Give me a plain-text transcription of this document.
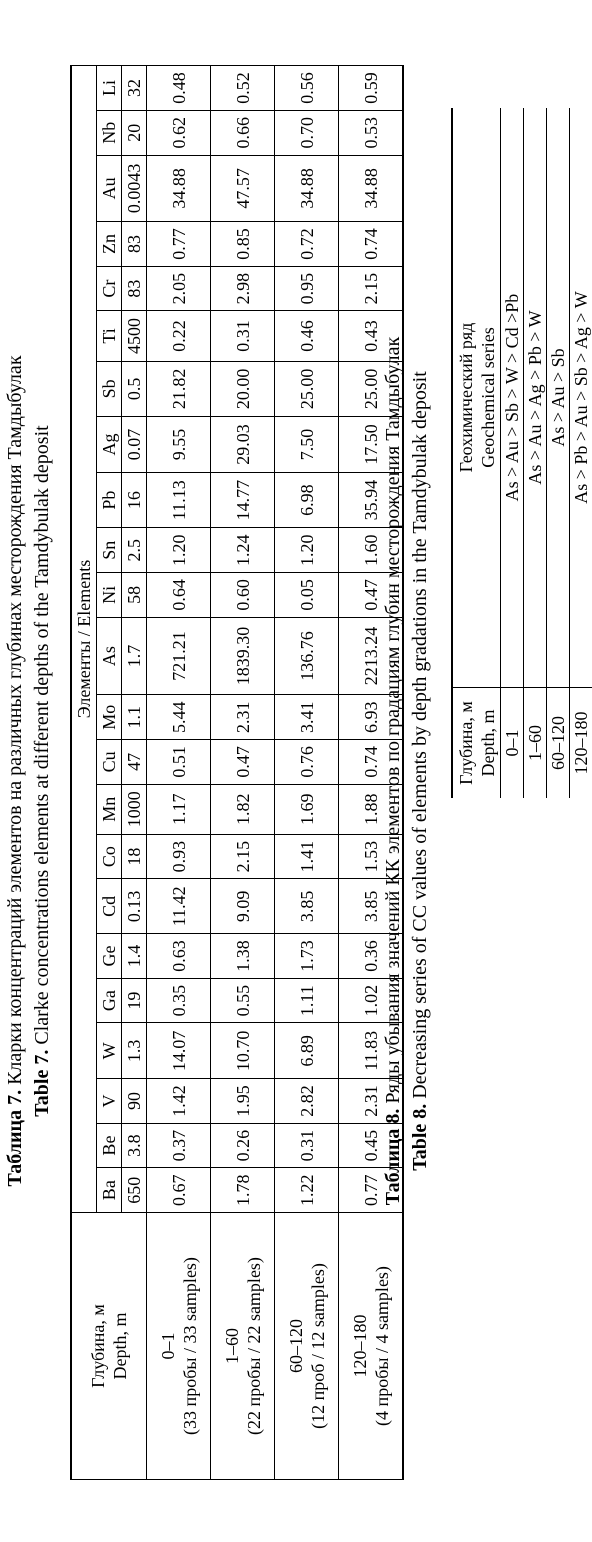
Таблица 7. Кларки концентраций элементов на различных глубинах месторождения Тамдыбулак Table 7. Clarke concentrations elements at different depths of the Tamdybulak deposit
Глубина, м Depth, m	Элементы / Elements																						
	Ba	Be	V	W	Ga	Ge	Cd	Co	Mn	Cu	Mo	As	Ni	Sn	Pb	Ag	Sb	Ti	Cr	Zn	Au	Nb	Li
	650	3.8	90	1.3	19	1.4	0.13	18	1000	47	1.1	1.7	58	2.5	16	0.07	0.5	4500	83	83	0.0043	20	32
0–1 (33 пробы / 33 samples)	0.67	0.37	1.42	14.07	0.35	0.63	11.42	0.93	1.17	0.51	5.44	721.21	0.64	1.20	11.13	9.55	21.82	0.22	2.05	0.77	34.88	0.62	0.48
1–60 (22 пробы / 22 samples)	1.78	0.26	1.95	10.70	0.55	1.38	9.09	2.15	1.82	0.47	2.31	1839.30	0.60	1.24	14.77	29.03	20.00	0.31	2.98	0.85	47.57	0.66	0.52
60–120 (12 проб / 12 samples)	1.22	0.31	2.82	6.89	1.11	1.73	3.85	1.41	1.69	0.76	3.41	136.76	0.05	1.20	6.98	7.50	25.00	0.46	0.95	0.72	34.88	0.70	0.56
120–180 (4 пробы / 4 samples)	0.77	0.45	2.31	11.83	1.02	0.36	3.85	1.53	1.88	0.74	6.93	2213.24	0.47	1.60	35.94	17.50	25.00	0.43	2.15	0.74	34.88	0.53	0.59
Таблица 8. Ряды убывания значений КК элементов по градациям глубин месторождения Тамдыбулак
Table 8. Decreasing series of CC values of elements by depth gradations in the Tamdybulak deposit Глубина, м Depth, m	Геохимический ряд Geochemical series
0–1	As > Au > Sb > W > Cd >Pb
1–60	As > Au > Ag > Pb > W
60–120	As > Au > Sb
120–180	As > Pb > Au > Sb > Ag > W
